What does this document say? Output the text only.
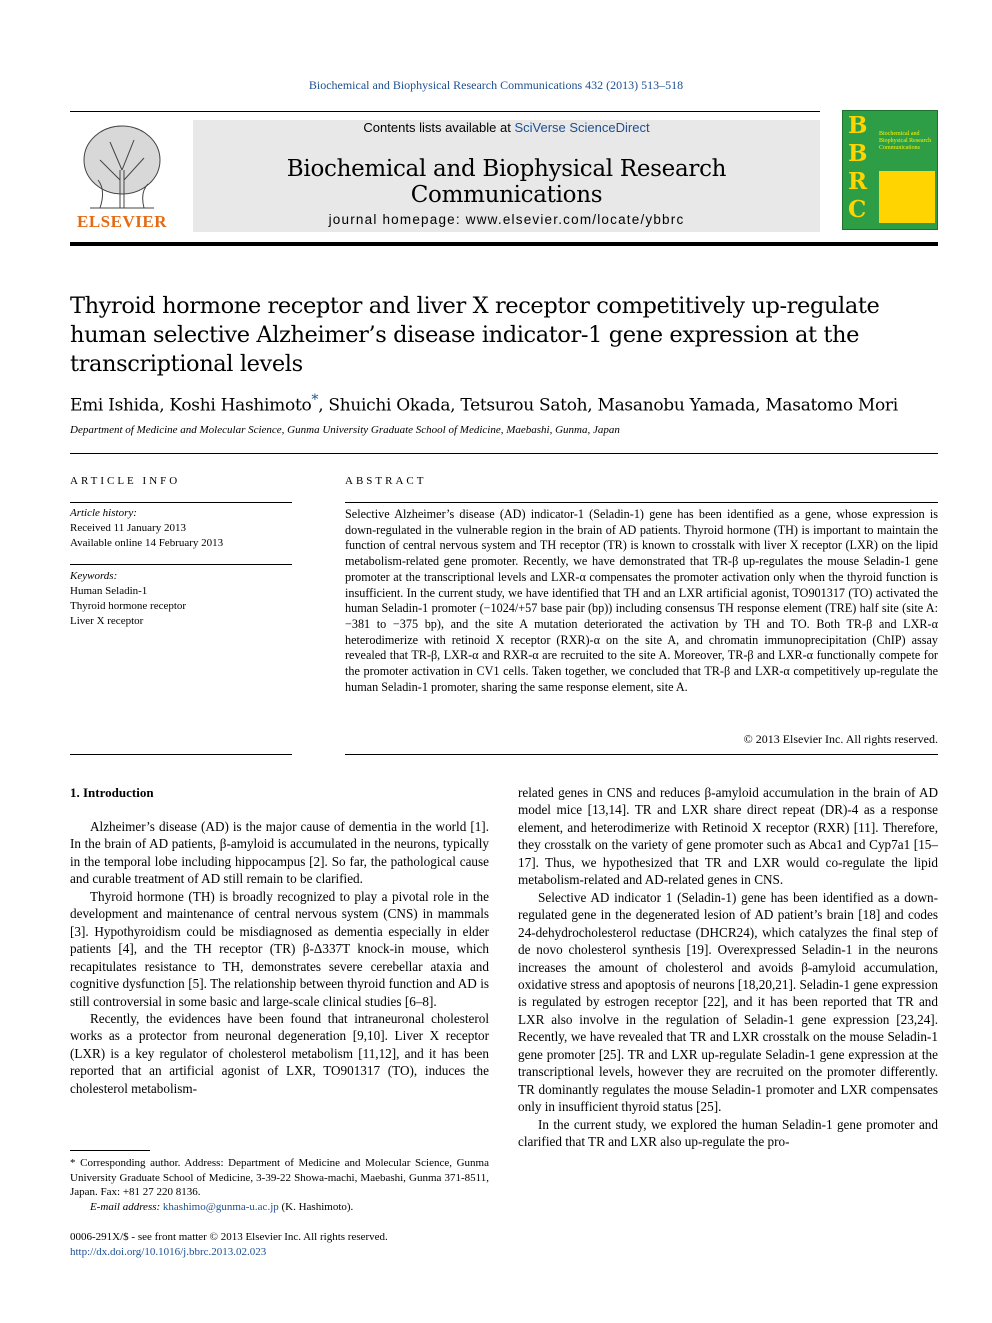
Biochemical and Biophysical Research Communications 432 (2013) 513–518
ELSEVIER
Contents lists available at SciVerse ScienceDirect
Biochemical and Biophysical Research Communications
journal homepage: www.elsevier.com/locate/ybbrc
B
B
R
C
Biochemical and Biophysical Research Communications
Thyroid hormone receptor and liver X receptor competitively up-regulate
human selective Alzheimer’s disease indicator-1 gene expression at the
transcriptional levels
Emi Ishida, Koshi Hashimoto*, Shuichi Okada, Tetsurou Satoh, Masanobu Yamada, Masatomo Mori
Department of Medicine and Molecular Science, Gunma University Graduate School of Medicine, Maebashi, Gunma, Japan
ARTICLE INFO
Article history:
Received 11 January 2013
Available online 14 February 2013
Keywords:
Human Seladin-1
Thyroid hormone receptor
Liver X receptor
ABSTRACT
Selective Alzheimer’s disease (AD) indicator-1 (Seladin-1) gene has been identified as a gene, whose expression is down-regulated in the vulnerable region in the brain of AD patients. Thyroid hormone (TH) is important to maintain the function of central nervous system and TH receptor (TR) is known to crosstalk with liver X receptor (LXR) on the lipid metabolism-related gene promoter. Recently, we have demonstrated that TR-β up-regulates the mouse Seladin-1 gene promoter at the transcriptional levels and LXR-α compensates the promoter activation only when the thyroid function is insufficient. In the current study, we have identified that TH and an LXR artificial agonist, TO901317 (TO) activated the human Seladin-1 promoter (−1024/+57 base pair (bp)) including consensus TH response element (TRE) half site (site A: −381 to −375 bp), and the site A mutation deteriorated the activation by TH and TO. Both TR-β and LXR-α heterodimerize with retinoid X receptor (RXR)-α on the site A, and chromatin immunoprecipitation (ChIP) assay revealed that TR-β, LXR-α and RXR-α are recruited to the site A. Moreover, TR-β and LXR-α functionally compete for the promoter activation in CV1 cells. Taken together, we concluded that TR-β and LXR-α competitively up-regulate the human Seladin-1 promoter, sharing the same response element, site A.
© 2013 Elsevier Inc. All rights reserved.
1. Introduction

Alzheimer’s disease (AD) is the major cause of dementia in the world [1]. In the brain of AD patients, β-amyloid is accumulated in the neurons, typically in the temporal lobe including hippocampus [2]. So far, the pathological cause and curable treatment of AD still remain to be clarified.

Thyroid hormone (TH) is broadly recognized to play a pivotal role in the development and maintenance of central nervous system (CNS) in mammals [3]. Hypothyroidism could be misdiagnosed as dementia especially in elder patients [4], and the TH receptor (TR) β-Δ337T knock-in mouse, which recapitulates resistance to TH, demonstrates severe cerebellar ataxia and cognitive dysfunction [5]. The relationship between thyroid function and AD is still controversial in some basic and large-scale clinical studies [6–8].

Recently, the evidences have been found that intraneuronal cholesterol works as a protector from neuronal degeneration [9,10]. Liver X receptor (LXR) is a key regulator of cholesterol metabolism [11,12], and it has been reported that an artificial agonist of LXR, TO901317 (TO), induces the cholesterol metabolism-

related genes in CNS and reduces β-amyloid accumulation in the brain of AD model mice [13,14]. TR and LXR share direct repeat (DR)-4 as a response element, and heterodimerize with Retinoid X receptor (RXR) [11]. Therefore, they crosstalk on the variety of gene promoter such as Abca1 and Cyp7a1 [15–17]. Thus, we hypothesized that TR and LXR would co-regulate the lipid metabolism-related and AD-related genes in CNS.

Selective AD indicator 1 (Seladin-1) gene has been identified as a down-regulated gene in the degenerated lesion of AD patient’s brain [18] and codes 24-dehydrocholesterol reductase (DHCR24), which catalyzes the final step of de novo cholesterol synthesis [19]. Overexpressed Seladin-1 in the neurons increases the amount of cholesterol and avoids β-amyloid accumulation, oxidative stress and apoptosis of neurons [18,20,21]. Seladin-1 gene expression is regulated by estrogen receptor [22], and it has been reported that TR and LXR also involve in the regulation of Seladin-1 gene expression [23,24]. Recently, we have revealed that TR and LXR crosstalk on the mouse Seladin-1 gene promoter [25]. TR and LXR up-regulate Seladin-1 gene expression at the transcriptional levels, however they are recruited on the promoter differently. TR dominantly regulates the mouse Seladin-1 promoter and LXR compensates only in insufficient thyroid status [25].

In the current study, we explored the human Seladin-1 gene promoter and clarified that TR and LXR also up-regulate the pro-

* Corresponding author. Address: Department of Medicine and Molecular Science, Gunma University Graduate School of Medicine, 3-39-22 Showa-machi, Maebashi, Gunma 371-8511, Japan. Fax: +81 27 220 8136.
E-mail address: khashimo@gunma-u.ac.jp (K. Hashimoto).
0006-291X/$ - see front matter © 2013 Elsevier Inc. All rights reserved.
http://dx.doi.org/10.1016/j.bbrc.2013.02.023
